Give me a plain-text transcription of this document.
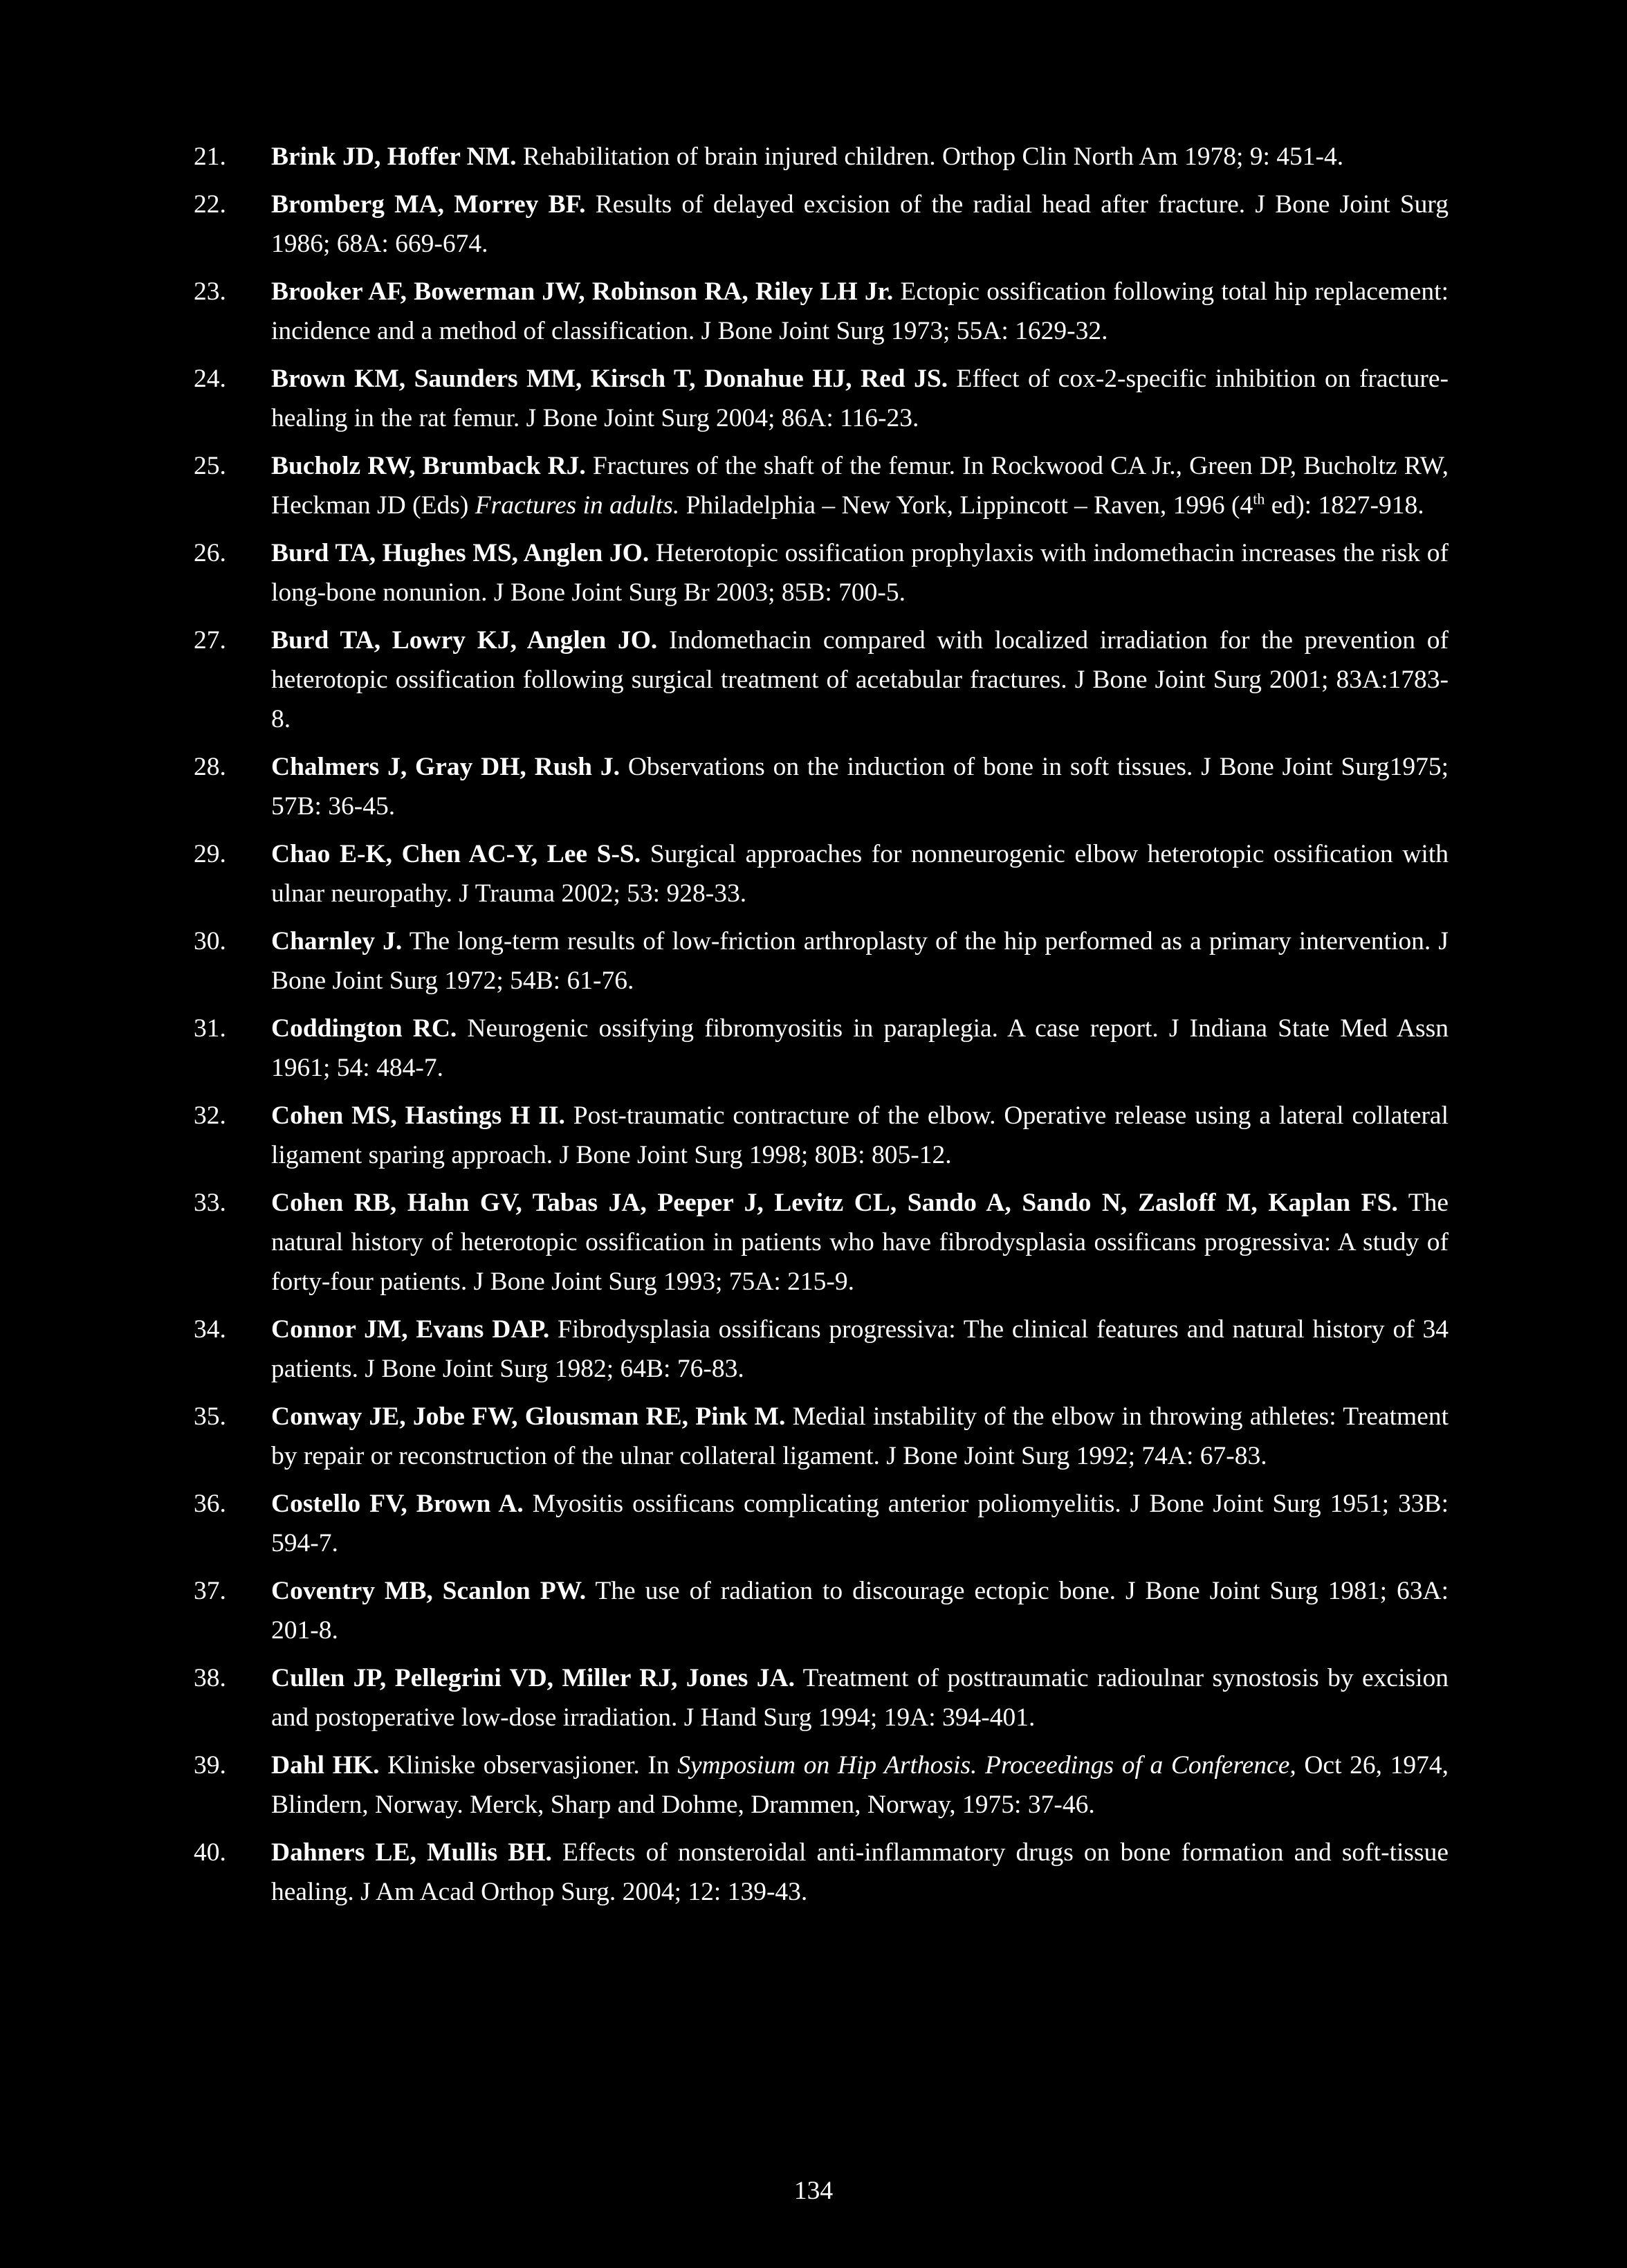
21. Brink JD, Hoffer NM. Rehabilitation of brain injured children. Orthop Clin North Am 1978; 9: 451-4.
22. Bromberg MA, Morrey BF. Results of delayed excision of the radial head after fracture. J Bone Joint Surg 1986; 68A: 669-674.
23. Brooker AF, Bowerman JW, Robinson RA, Riley LH Jr. Ectopic ossification following total hip replacement: incidence and a method of classification. J Bone Joint Surg 1973; 55A: 1629-32.
24. Brown KM, Saunders MM, Kirsch T, Donahue HJ, Red JS. Effect of cox-2-specific inhibition on fracture-healing in the rat femur. J Bone Joint Surg 2004; 86A: 116-23.
25. Bucholz RW, Brumback RJ. Fractures of the shaft of the femur. In Rockwood CA Jr., Green DP, Bucholtz RW, Heckman JD (Eds) Fractures in adults. Philadelphia – New York, Lippincott – Raven, 1996 (4th ed): 1827-918.
26. Burd TA, Hughes MS, Anglen JO. Heterotopic ossification prophylaxis with indomethacin increases the risk of long-bone nonunion. J Bone Joint Surg Br 2003; 85B: 700-5.
27. Burd TA, Lowry KJ, Anglen JO. Indomethacin compared with localized irradiation for the prevention of heterotopic ossification following surgical treatment of acetabular fractures. J Bone Joint Surg 2001; 83A:1783-8.
28. Chalmers J, Gray DH, Rush J. Observations on the induction of bone in soft tissues. J Bone Joint Surg1975; 57B: 36-45.
29. Chao E-K, Chen AC-Y, Lee S-S. Surgical approaches for nonneurogenic elbow heterotopic ossification with ulnar neuropathy. J Trauma 2002; 53: 928-33.
30. Charnley J. The long-term results of low-friction arthroplasty of the hip performed as a primary intervention. J Bone Joint Surg 1972; 54B: 61-76.
31. Coddington RC. Neurogenic ossifying fibromyositis in paraplegia. A case report. J Indiana State Med Assn 1961; 54: 484-7.
32. Cohen MS, Hastings H II. Post-traumatic contracture of the elbow. Operative release using a lateral collateral ligament sparing approach. J Bone Joint Surg 1998; 80B: 805-12.
33. Cohen RB, Hahn GV, Tabas JA, Peeper J, Levitz CL, Sando A, Sando N, Zasloff M, Kaplan FS. The natural history of heterotopic ossification in patients who have fibrodysplasia ossificans progressiva: A study of forty-four patients. J Bone Joint Surg 1993; 75A: 215-9.
34. Connor JM, Evans DAP. Fibrodysplasia ossificans progressiva: The clinical features and natural history of 34 patients. J Bone Joint Surg 1982; 64B: 76-83.
35. Conway JE, Jobe FW, Glousman RE, Pink M. Medial instability of the elbow in throwing athletes: Treatment by repair or reconstruction of the ulnar collateral ligament. J Bone Joint Surg 1992; 74A: 67-83.
36. Costello FV, Brown A. Myositis ossificans complicating anterior poliomyelitis. J Bone Joint Surg 1951; 33B: 594-7.
37. Coventry MB, Scanlon PW. The use of radiation to discourage ectopic bone. J Bone Joint Surg 1981; 63A: 201-8.
38. Cullen JP, Pellegrini VD, Miller RJ, Jones JA. Treatment of posttraumatic radioulnar synostosis by excision and postoperative low-dose irradiation. J Hand Surg 1994; 19A: 394-401.
39. Dahl HK. Kliniske observasjioner. In Symposium on Hip Arthosis. Proceedings of a Conference, Oct 26, 1974, Blindern, Norway. Merck, Sharp and Dohme, Drammen, Norway, 1975: 37-46.
40. Dahners LE, Mullis BH. Effects of nonsteroidal anti-inflammatory drugs on bone formation and soft-tissue healing. J Am Acad Orthop Surg. 2004; 12: 139-43.
134
